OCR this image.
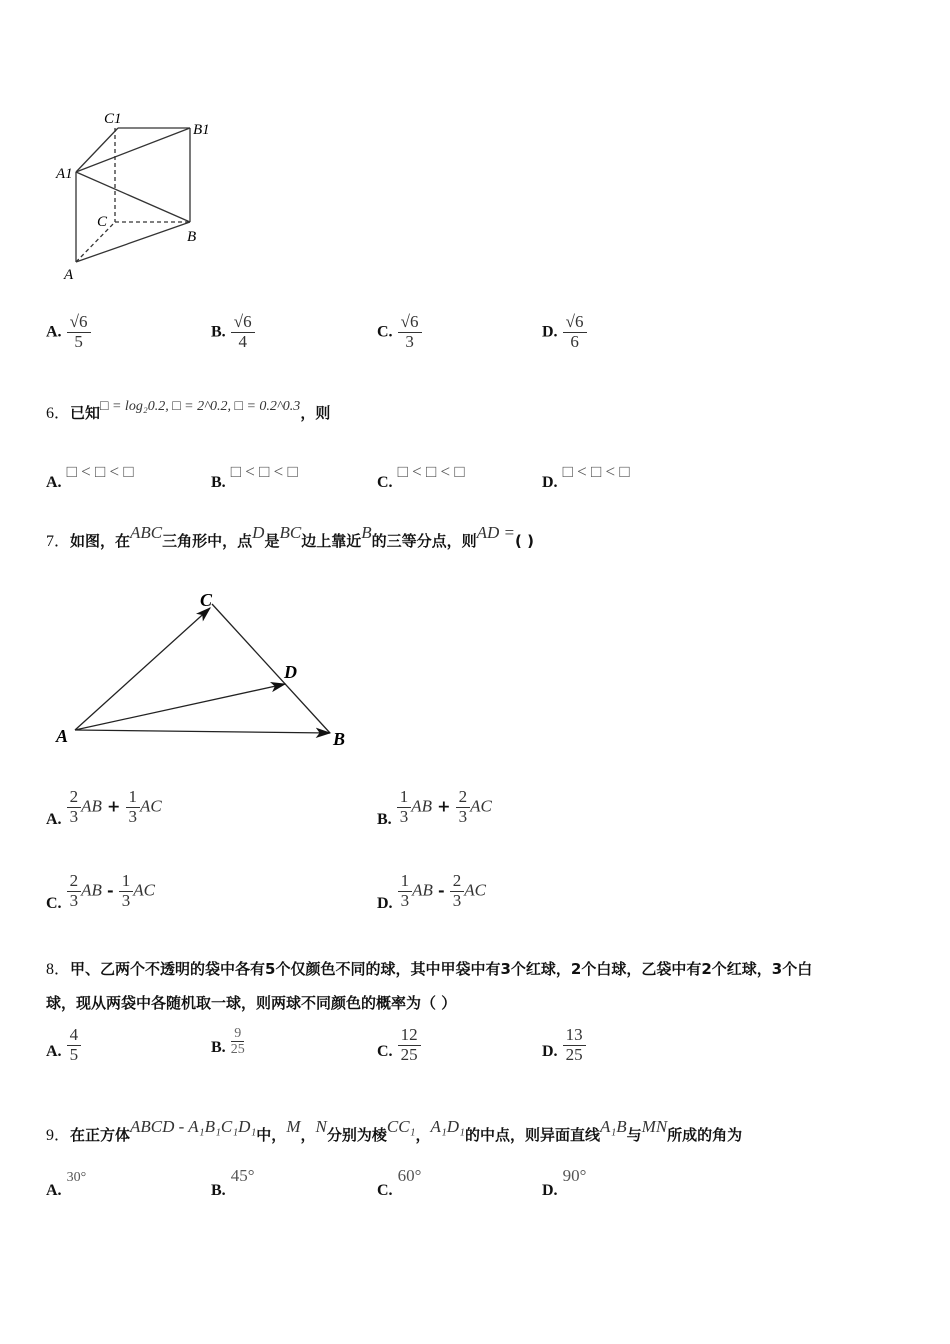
C1
B1
A1
C
B
A
C
D
A	B
A. $\frac{√6}{5}$	B. $\frac{√6}{4}$	C. $\frac{√6}{3}$	D. $\frac{√6}{6}$
6．已知□ = log₂0.2, □ = 2^0.2, □ = 0.2^0.3，则
A. □ < □ < □
B. □ < □ < □
C. □ < □ < □
D. □ < □ < □
7．如图，在ABC三角形中，点D是BC边上靠近B的三等分点，则AD =( )
A. $\frac{2}{3}$ AB + $\frac{1}{3}$ AC
B. $\frac{1}{3}$ AB + $\frac{2}{3}$ AC
C. $\frac{2}{3}$ AB - $\frac{1}{3}$ AC
D. $\frac{1}{3}$ AB - $\frac{2}{3}$ AC
8．甲、乙两个不透明的袋中各有5个仅颜色不同的球，其中甲袋中有3个红球，2个白球，乙袋中有2个红球，3个白
球，现从两袋中各随机取一球，则两球不同颜色的概率为（ ）
A. $\frac{4}{5}$	B. $\frac{9}{25}$	C. $\frac{12}{25}$	D. $\frac{13}{25}$
9．在正方体ABCD - A₁B₁C₁D₁中，M，N分别为棱CC₁，A₁D₁的中点，则异面直线A₁B与MN所成的角为
A. 30°
B. 45°
C. 60°
D. 90°
